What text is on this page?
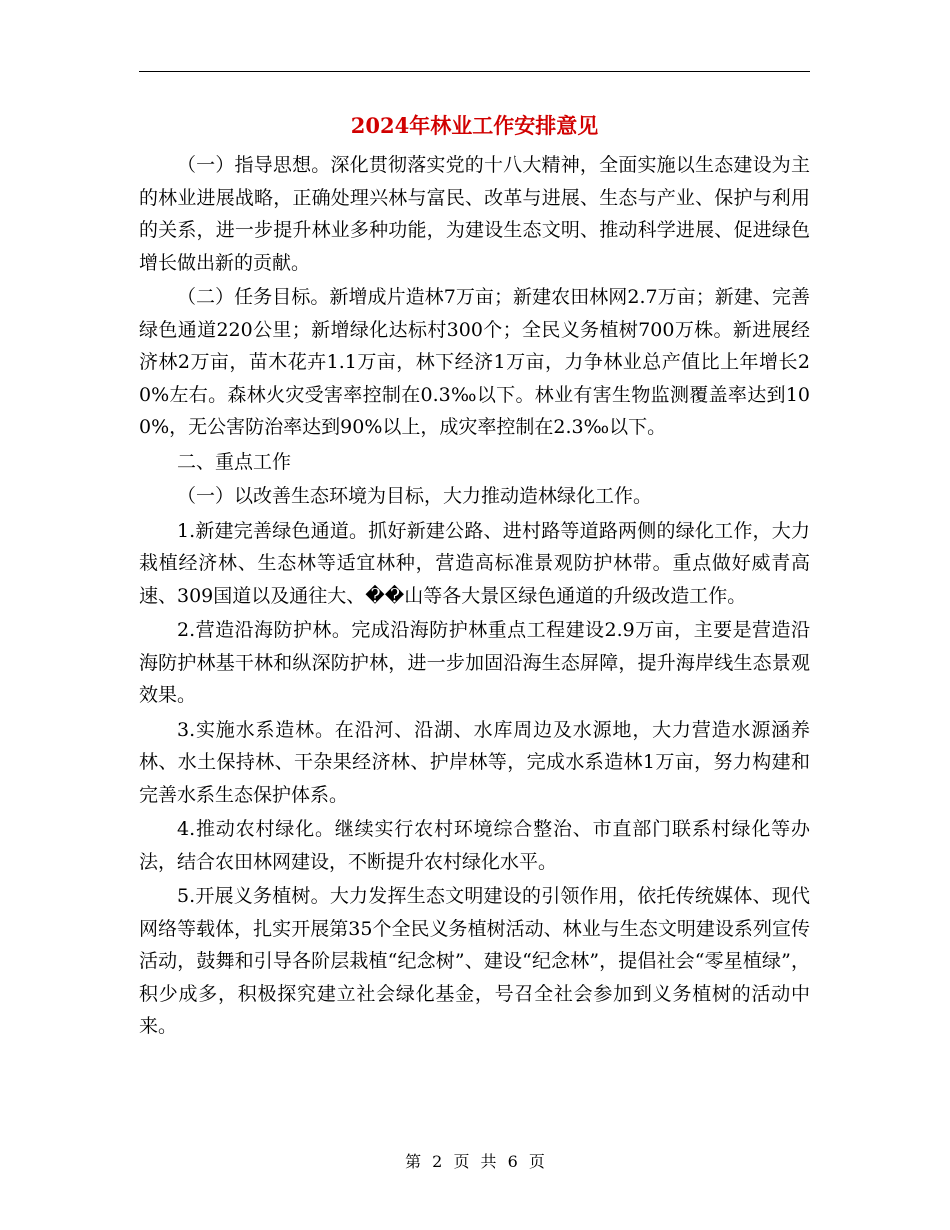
2024年林业工作安排意见

（一）指导思想。深化贯彻落实党的十八大精神，全面实施以生态建设为主的林业进展战略，正确处理兴林与富民、改革与进展、生态与产业、保护与利用的关系，进一步提升林业多种功能，为建设生态文明、推动科学进展、促进绿色增长做出新的贡献。

（二）任务目标。新增成片造林7万亩；新建农田林网2.7万亩；新建、完善绿色通道220公里；新增绿化达标村300个；全民义务植树700万株。新进展经济林2万亩，苗木花卉1.1万亩，林下经济1万亩，力争林业总产值比上年增长20%左右。森林火灾受害率控制在0.3‰以下。林业有害生物监测覆盖率达到100%，无公害防治率达到90%以上，成灾率控制在2.3‰以下。

二、重点工作

（一）以改善生态环境为目标，大力推动造林绿化工作。

1.新建完善绿色通道。抓好新建公路、进村路等道路两侧的绿化工作，大力栽植经济林、生态林等适宜林种，营造高标准景观防护林带。重点做好威青高速、309国道以及通往大、��山等各大景区绿色通道的升级改造工作。

2.营造沿海防护林。完成沿海防护林重点工程建设2.9万亩，主要是营造沿海防护林基干林和纵深防护林，进一步加固沿海生态屏障，提升海岸线生态景观效果。

3.实施水系造林。在沿河、沿湖、水库周边及水源地，大力营造水源涵养林、水土保持林、干杂果经济林、护岸林等，完成水系造林1万亩，努力构建和完善水系生态保护体系。

4.推动农村绿化。继续实行农村环境综合整治、市直部门联系村绿化等办法，结合农田林网建设，不断提升农村绿化水平。

5.开展义务植树。大力发挥生态文明建设的引领作用，依托传统媒体、现代网络等载体，扎实开展第35个全民义务植树活动、林业与生态文明建设系列宣传活动，鼓舞和引导各阶层栽植“纪念树”、建设“纪念林”，提倡社会“零星植绿”，积少成多，积极探究建立社会绿化基金，号召全社会参加到义务植树的活动中来。

第 2 页 共 6 页
